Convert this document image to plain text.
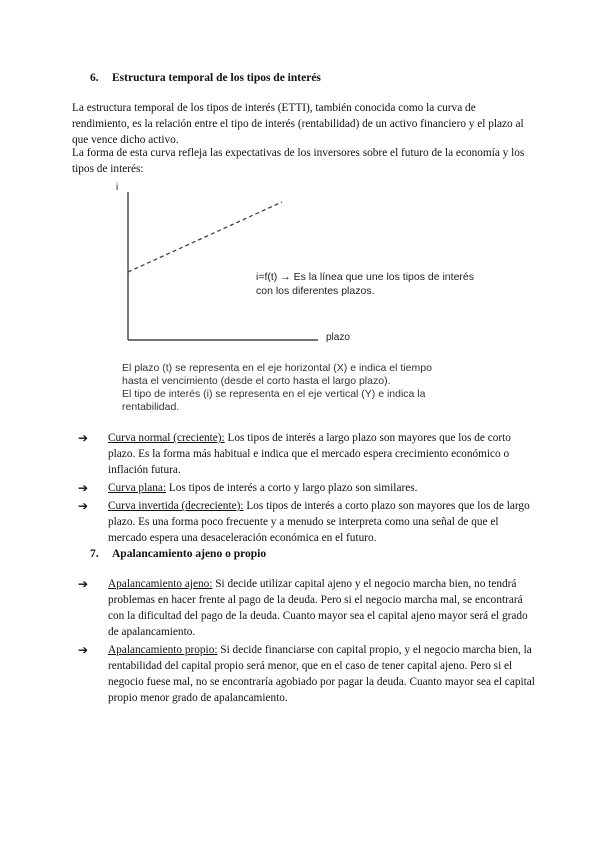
6. Estructura temporal de los tipos de interés

La estructura temporal de los tipos de interés (ETTI), también conocida como la curva de rendimiento, es la relación entre el tipo de interés (rentabilidad) de un activo financiero y el plazo al que vence dicho activo.

La forma de esta curva refleja las expectativas de los inversores sobre el futuro de la economía y los tipos de interés:

i
plazo
i=f(t) → Es la línea que une los tipos de interés con los diferentes plazos.
El plazo (t) se representa en el eje horizontal (X) e indica el tiempo
hasta el vencimiento (desde el corto hasta el largo plazo).
El tipo de interés (i) se representa en el eje vertical (Y) e indica la
rentabilidad.
➔ Curva normal (creciente): Los tipos de interés a largo plazo son mayores que los de corto plazo. Es la forma más habitual e indica que el mercado espera crecimiento económico o inflación futura.
➔ Curva plana: Los tipos de interés a corto y largo plazo son similares.
➔ Curva invertida (decreciente): Los tipos de interés a corto plazo son mayores que los de largo plazo. Es una forma poco frecuente y a menudo se interpreta como una señal de que el mercado espera una desaceleración económica en el futuro.
7. Apalancamiento ajeno o propio
➔ Apalancamiento ajeno: Si decide utilizar capital ajeno y el negocio marcha bien, no tendrá problemas en hacer frente al pago de la deuda. Pero si el negocio marcha mal, se encontrará con la dificultad del pago de la deuda. Cuanto mayor sea el capital ajeno mayor será el grado de apalancamiento.
➔ Apalancamiento propio: Si decide financiarse con capital propio, y el negocio marcha bien, la rentabilidad del capital propio será menor, que en el caso de tener capital ajeno. Pero si el negocio fuese mal, no se encontraría agobiado por pagar la deuda. Cuanto mayor sea el capital propio menor grado de apalancamiento.
